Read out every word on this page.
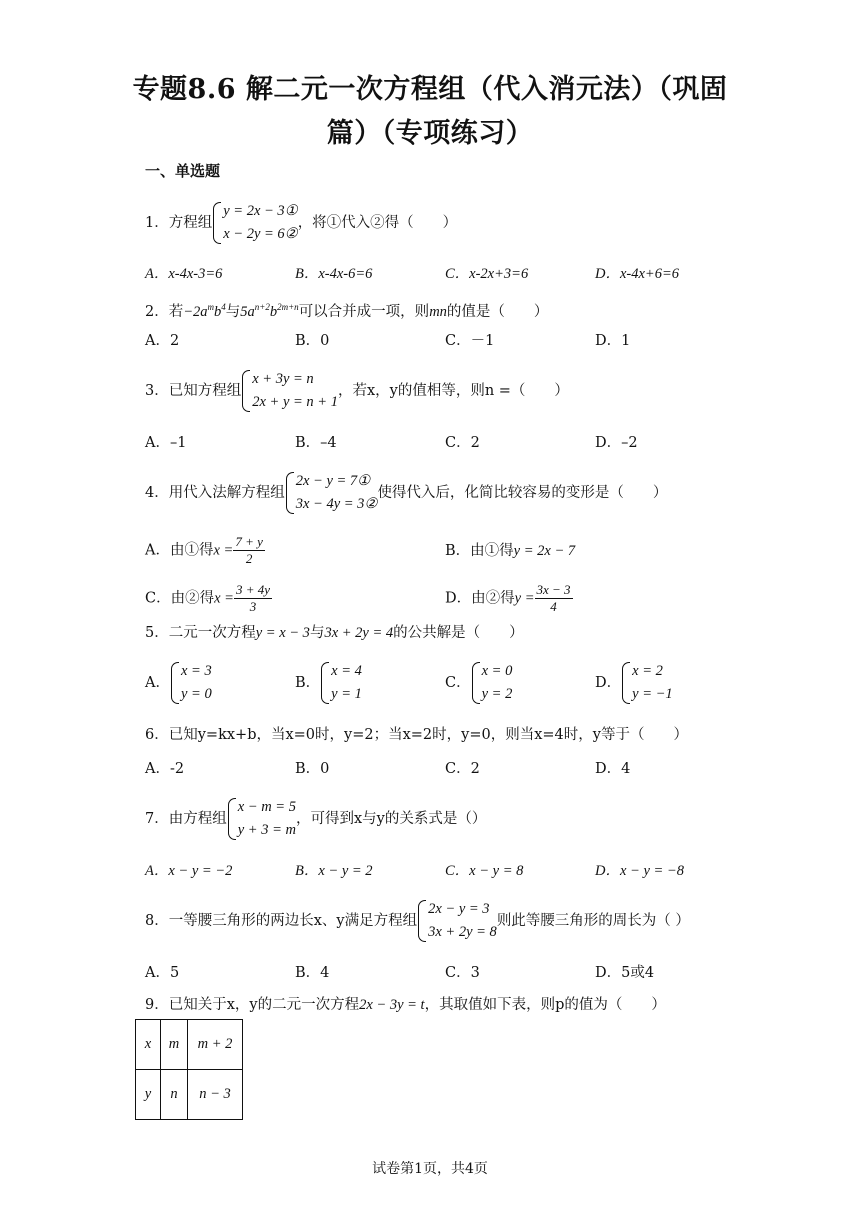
专题8.6 解二元一次方程组（代入消元法）（巩固
篇）（专项练习）
一、单选题
1．方程组
y = 2x − 3①
x − 2y = 6②
，将①代入②得（　　）
A．x-4x-3=6	B．x-4x-6=6	C．x-2x+3=6	D．x-4x+6=6
2．若$-2a^mb^4$与$5a^{n+2}b^{2m+n}$可以合并成一项，则mn的值是（　　）
A．2	B．0	C．－1	D．1
3．已知方程组
x + 3y = n
2x + y = n + 1
，若x，y的值相等，则n =（　　）
A．–1	B．–4	C．2	D．–2
4．用代入法解方程组
2x − y = 7①
3x − 4y = 3②
使得代入后，化简比较容易的变形是（　　）
A．由①得$x = \frac{7 + y}{2}$	B．由①得y = 2x − 7
C．由②得$x = \frac{3 + 4y}{3}$	D．由②得$y = \frac{3x - 3}{4}$
5．二元一次方程y = x − 3与3x + 2y = 4的公共解是（　　）
A．
x = 3
y = 0
B．
x = 4
y = 1
C．
x = 0
y = 2
D．
x = 2
y = −1
6．已知y=kx+b，当x=0时，y=2；当x=2时，y=0，则当x=4时，y等于（　　）
A．-2	B．0	C．2	D．4
7．由方程组
x − m = 5
y + 3 = m
，可得到x与y的关系式是（）
A．x − y = −2	B．x − y = 2	C．x − y = 8	D．x − y = −8
8．一等腰三角形的两边长x、y满足方程组
2x − y = 3
3x + 2y = 8
则此等腰三角形的周长为（ ）
A．5	B．4	C．3	D．5或4
9．已知关于x，y的二元一次方程2x − 3y = t，其取值如下表，则p的值为（　　）
x	m	m + 2
y	n	n − 3
试卷第1页，共4页
